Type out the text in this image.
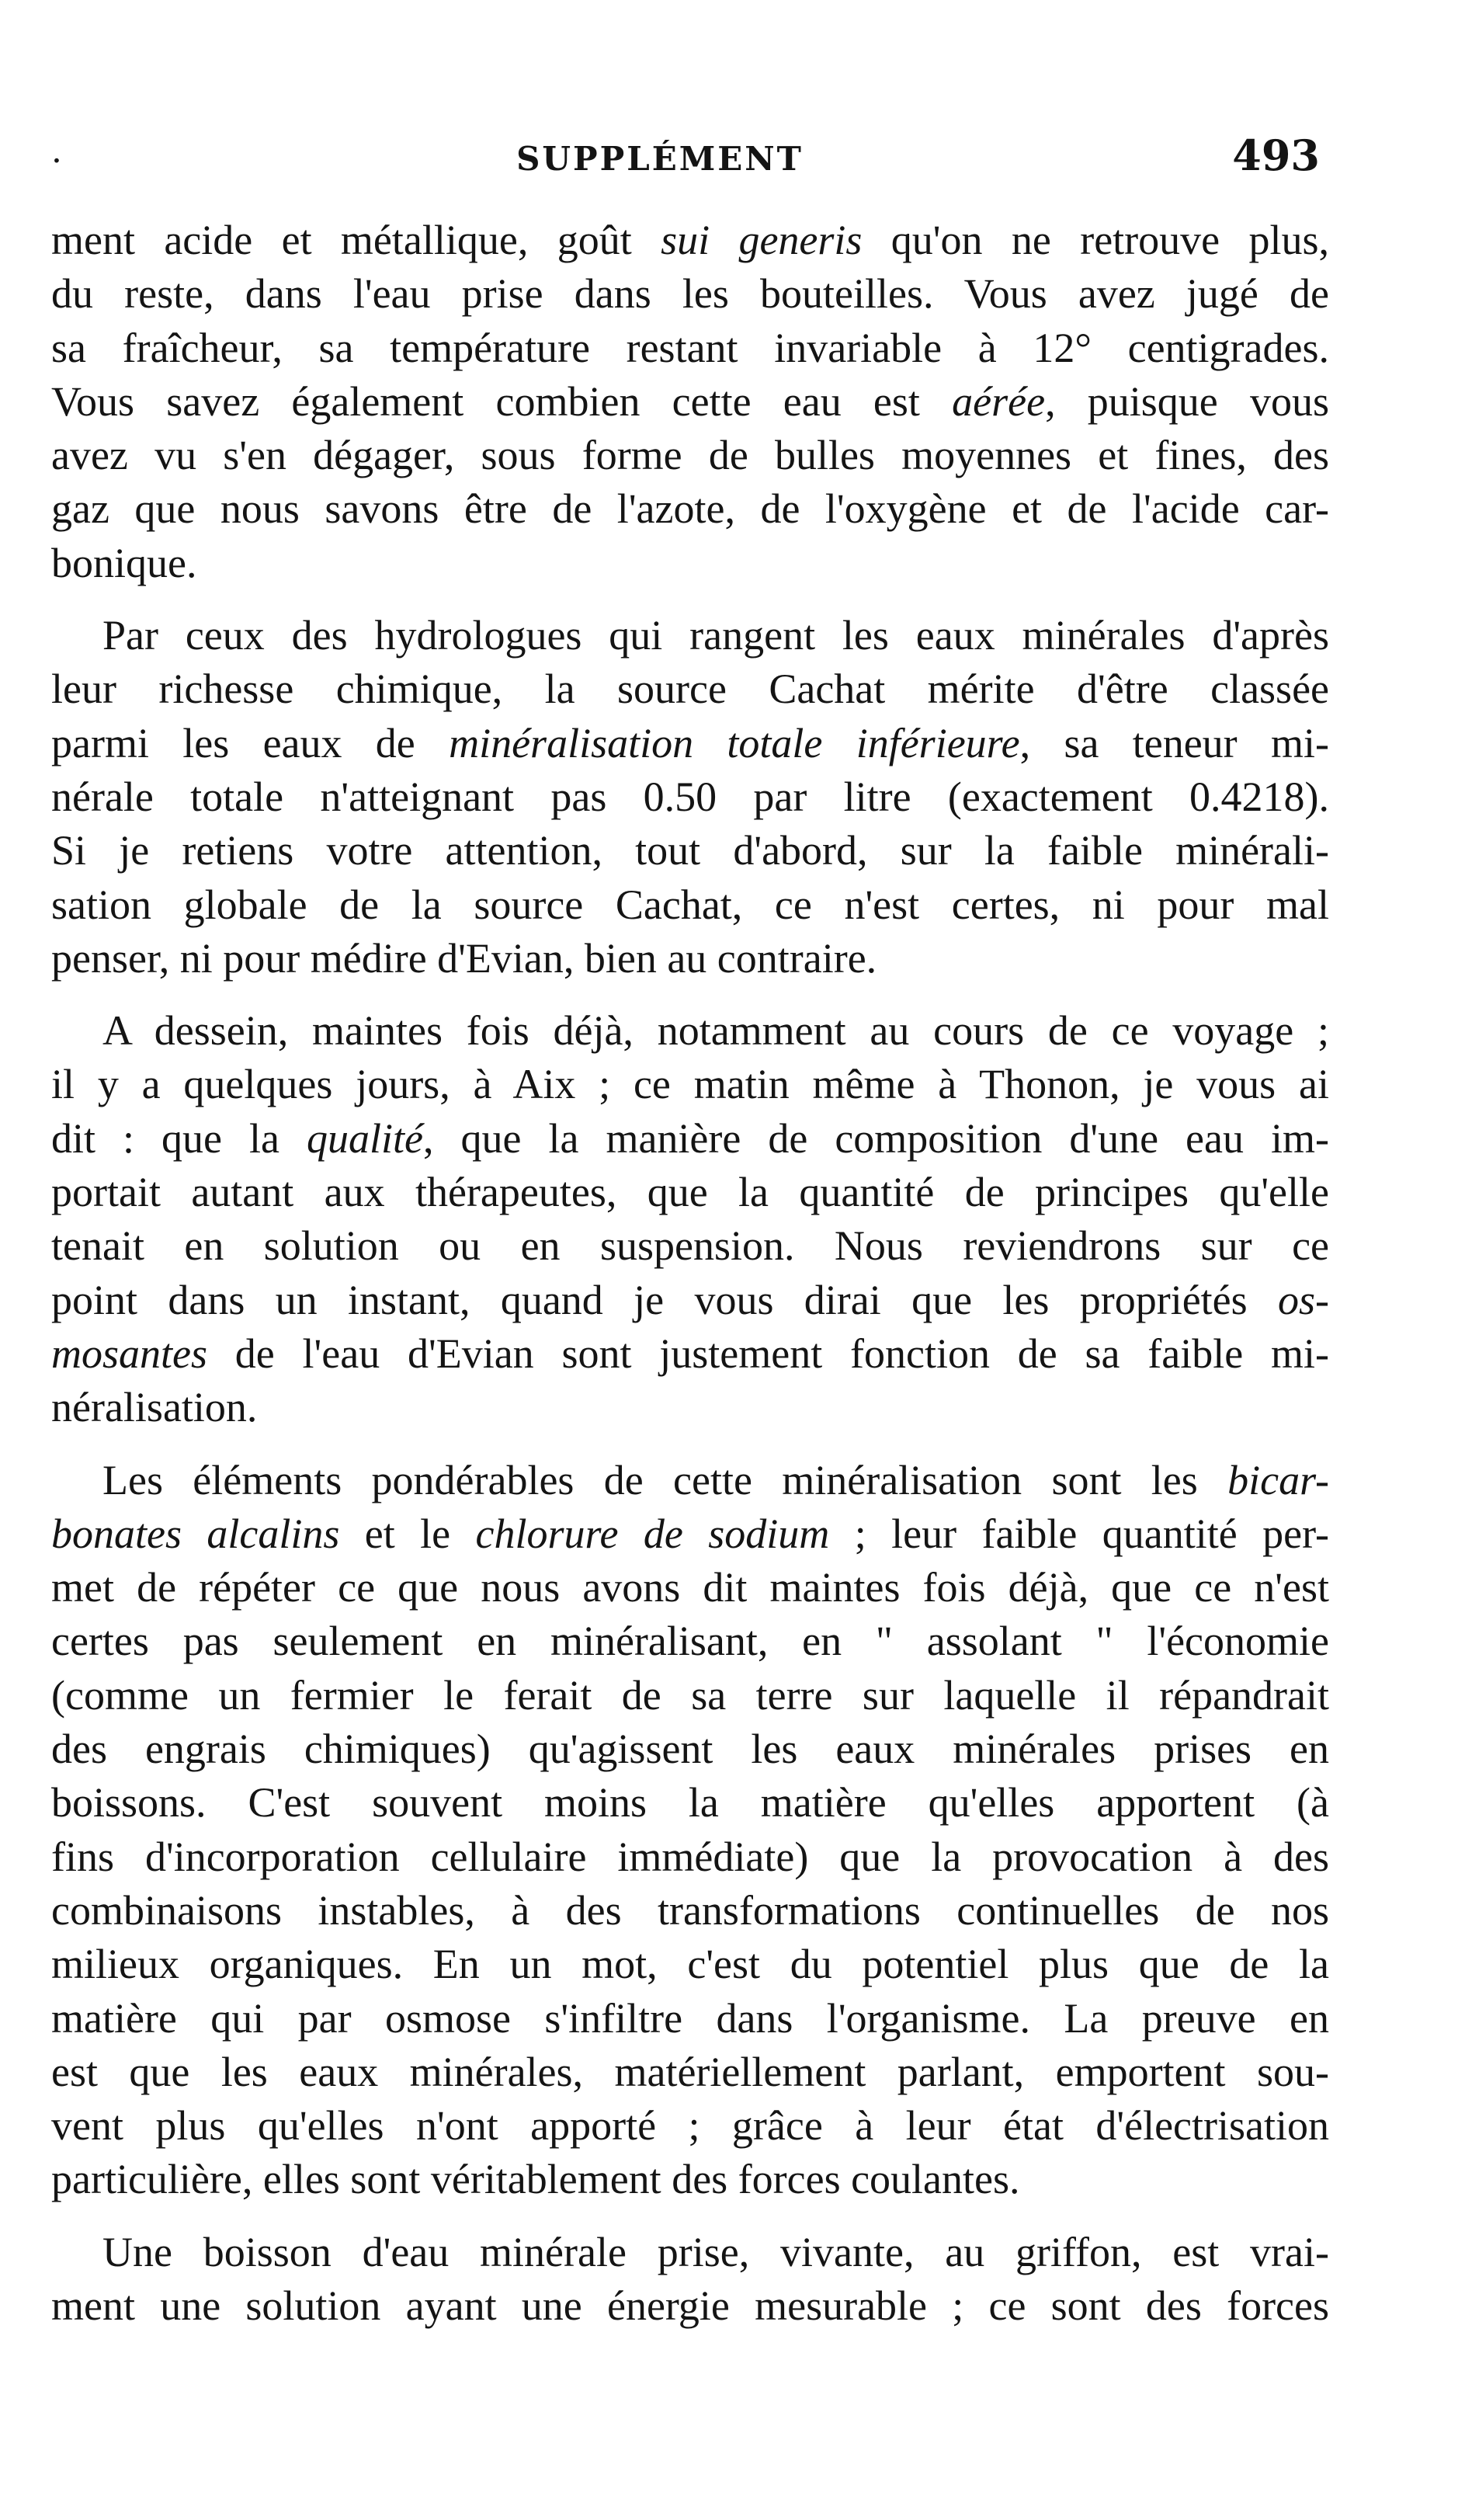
·	SUPPLÉMENT	493

ment acide et métallique, goût sui generis qu'on ne retrouve plus,
du reste, dans l'eau prise dans les bouteilles. Vous avez jugé de
sa fraîcheur, sa température restant invariable à 12° centigrades.
Vous savez également combien cette eau est aérée, puisque vous
avez vu s'en dégager, sous forme de bulles moyennes et fines, des
gaz que nous savons être de l'azote, de l'oxygène et de l'acide car-
bonique.

Par ceux des hydrologues qui rangent les eaux minérales d'après
leur richesse chimique, la source Cachat mérite d'être classée
parmi les eaux de minéralisation totale inférieure, sa teneur mi-
nérale totale n'atteignant pas 0.50 par litre (exactement 0.4218).
Si je retiens votre attention, tout d'abord, sur la faible minérali-
sation globale de la source Cachat, ce n'est certes, ni pour mal
penser, ni pour médire d'Evian, bien au contraire.

A dessein, maintes fois déjà, notamment au cours de ce voyage ;
il y a quelques jours, à Aix ; ce matin même à Thonon, je vous ai
dit : que la qualité, que la manière de composition d'une eau im-
portait autant aux thérapeutes, que la quantité de principes qu'elle
tenait en solution ou en suspension. Nous reviendrons sur ce
point dans un instant, quand je vous dirai que les propriétés os-
mosantes de l'eau d'Evian sont justement fonction de sa faible mi-
néralisation.

Les éléments pondérables de cette minéralisation sont les bicar-
bonates alcalins et le chlorure de sodium ; leur faible quantité per-
met de répéter ce que nous avons dit maintes fois déjà, que ce n'est
certes pas seulement en minéralisant, en " assolant " l'économie
(comme un fermier le ferait de sa terre sur laquelle il répandrait
des engrais chimiques) qu'agissent les eaux minérales prises en
boissons. C'est souvent moins la matière qu'elles apportent (à
fins d'incorporation cellulaire immédiate) que la provocation à des
combinaisons instables, à des transformations continuelles de nos
milieux organiques. En un mot, c'est du potentiel plus que de la
matière qui par osmose s'infiltre dans l'organisme. La preuve en
est que les eaux minérales, matériellement parlant, emportent sou-
vent plus qu'elles n'ont apporté ; grâce à leur état d'électrisation
particulière, elles sont véritablement des forces coulantes.

Une boisson d'eau minérale prise, vivante, au griffon, est vrai-
ment une solution ayant une énergie mesurable ; ce sont des forces
